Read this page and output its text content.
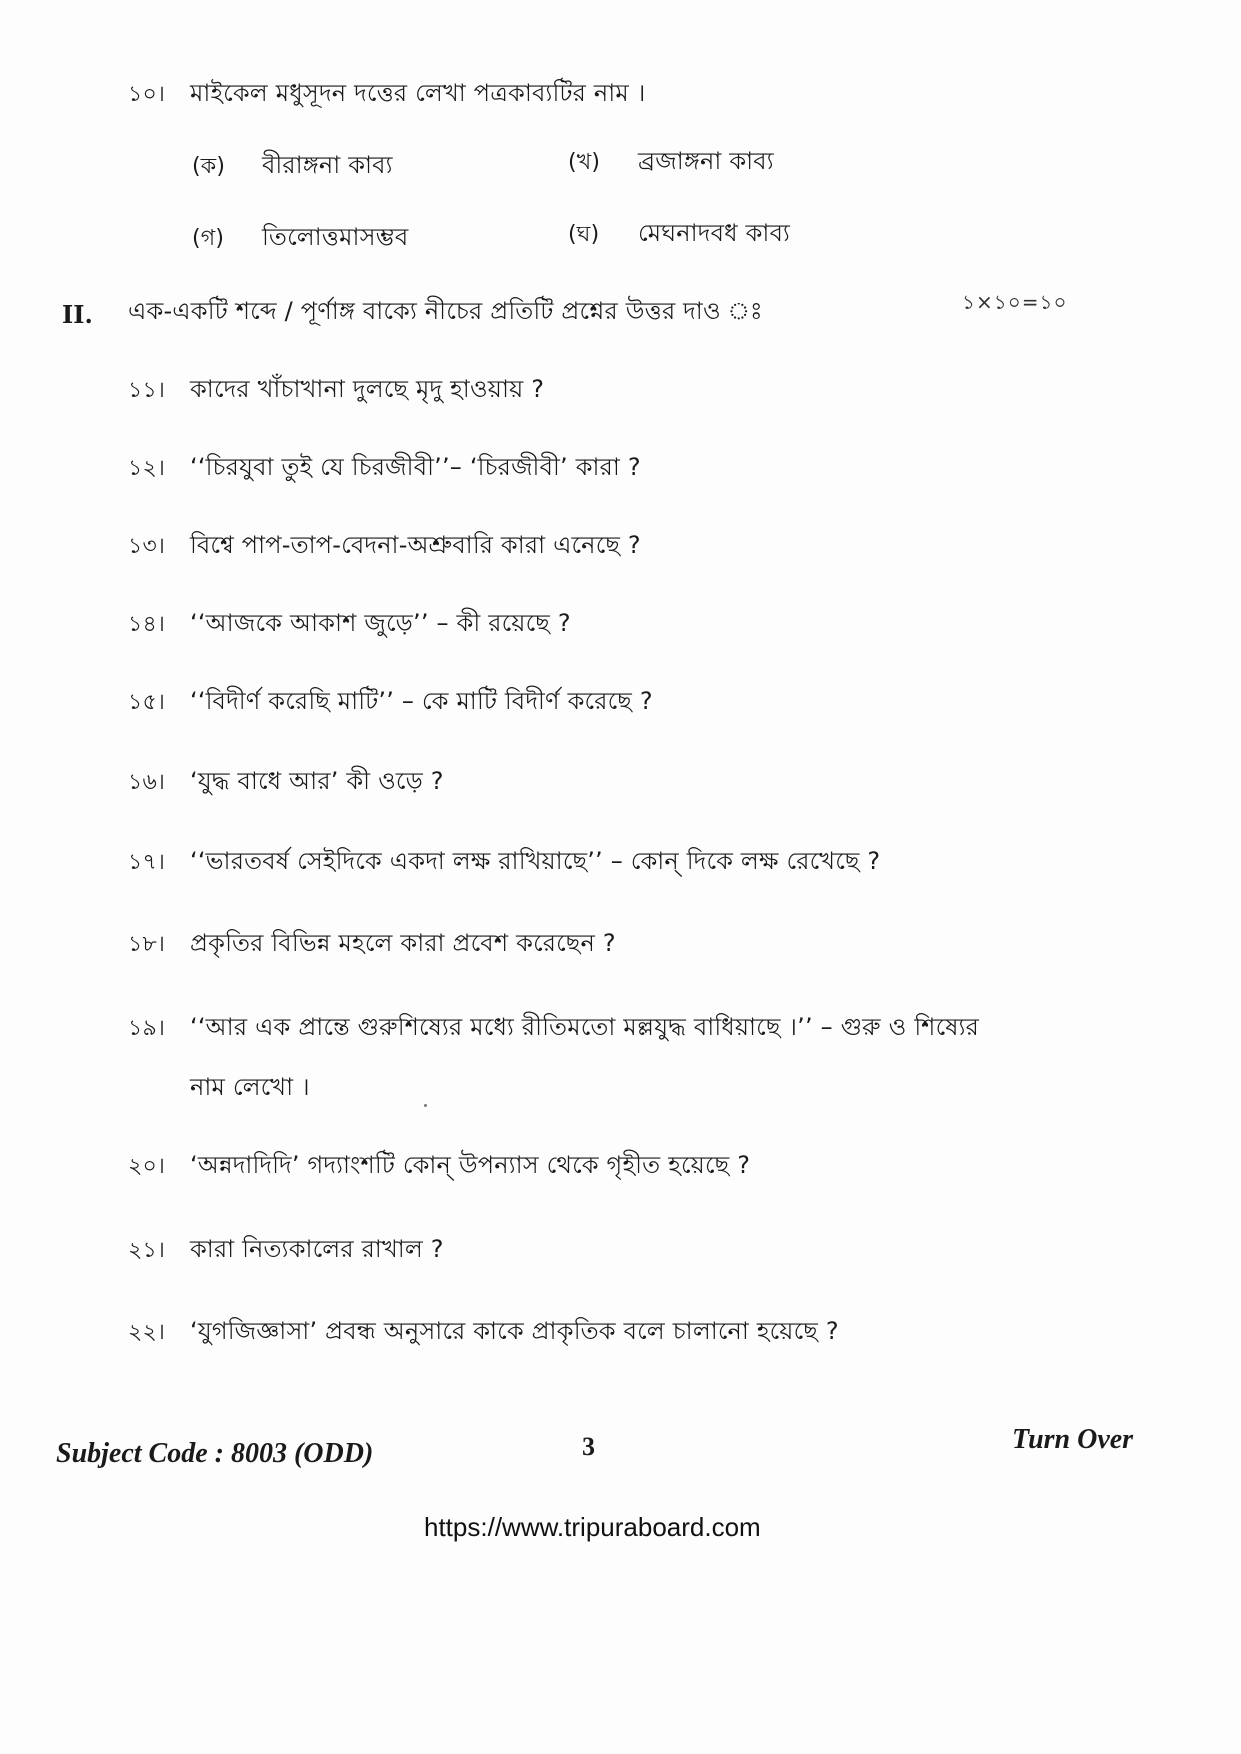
১০। মাইকেল মধুসূদন দত্তের লেখা পত্রকাব্যটির নাম ।
(ক) বীরাঙ্গনা কাব্য	(খ) ব্রজাঙ্গনা কাব্য
(গ) তিলোত্তমাসম্ভব	(ঘ) মেঘনাদবধ কাব্য
II. এক-একটি শব্দে / পূর্ণাঙ্গ বাক্যে নীচের প্রতিটি প্রশ্নের উত্তর দাও ঃ	১×১০=১০
১১। কাদের খাঁচাখানা দুলছে মৃদু হাওয়ায় ?
১২। ‘‘চিরযুবা তুই যে চিরজীবী’’– ‘চিরজীবী’ কারা ?
১৩। বিশ্বে পাপ-তাপ-বেদনা-অশ্রুবারি কারা এনেছে ?
১৪। ‘‘আজকে আকাশ জুড়ে’’ – কী রয়েছে ?
১৫। ‘‘বিদীর্ণ করেছি মাটি’’ – কে মাটি বিদীর্ণ করেছে ?
১৬। ‘যুদ্ধ বাধে আর’ কী ওড়ে ?
১৭। ‘‘ভারতবর্ষ সেইদিকে একদা লক্ষ রাখিয়াছে’’ – কোন্ দিকে লক্ষ রেখেছে ?
১৮। প্রকৃতির বিভিন্ন মহলে কারা প্রবেশ করেছেন ?
১৯। ‘‘আর এক প্রান্তে গুরুশিষ্যের মধ্যে রীতিমতো মল্লযুদ্ধ বাধিয়াছে ।’’ – গুরু ও শিষ্যের
নাম লেখো ।
২০। ‘অন্নদাদিদি’ গদ্যাংশটি কোন্ উপন্যাস থেকে গৃহীত হয়েছে ?
২১। কারা নিত্যকালের রাখাল ?
২২। ‘যুগজিজ্ঞাসা’ প্রবন্ধ অনুসারে কাকে প্রাকৃতিক বলে চালানো হয়েছে ?
Subject Code : 8003 (ODD)	3	Turn Over
https://www.tripuraboard.com
